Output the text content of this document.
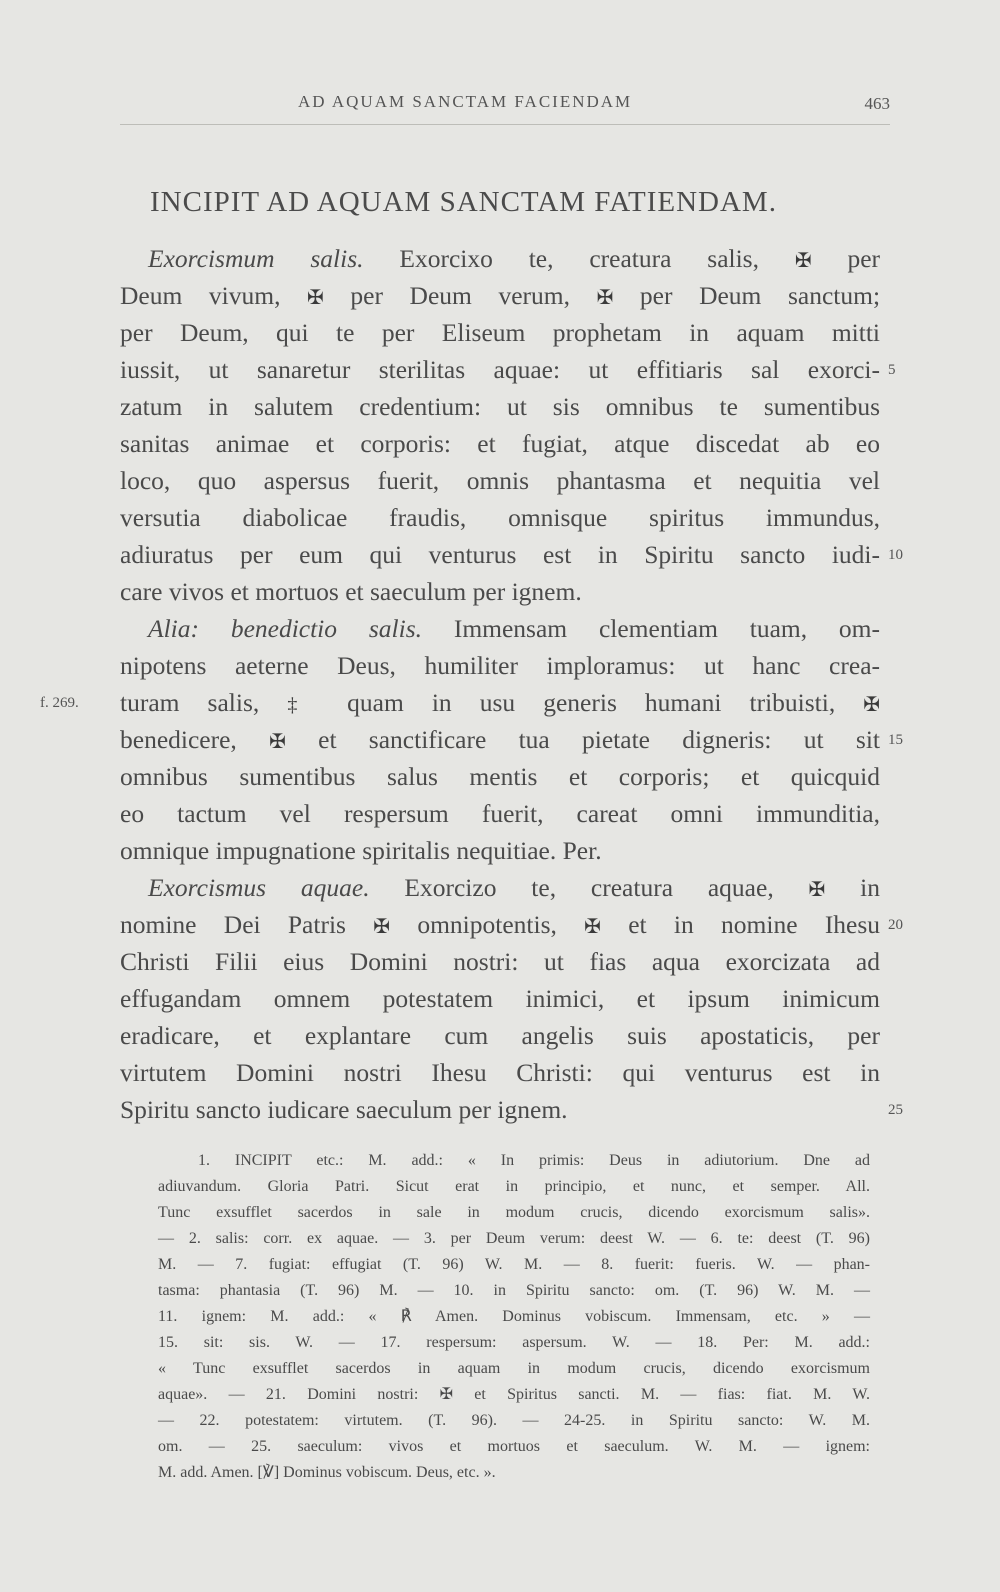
AD AQUAM SANCTAM FACIENDAM	463
INCIPIT AD AQUAM SANCTAM FATIENDAM.
Exorcismum salis. Exorcixo te, creatura salis, ✠ per
Deum vivum, ✠ per Deum verum, ✠ per Deum sanctum;
per Deum, qui te per Eliseum prophetam in aquam mitti
iussit, ut sanaretur sterilitas aquae: ut effitiaris sal exorci-
zatum in salutem credentium: ut sis omnibus te sumentibus
sanitas animae et corporis: et fugiat, atque discedat ab eo
loco, quo aspersus fuerit, omnis phantasma et nequitia vel
versutia diabolicae fraudis, omnisque spiritus immundus,
adiuratus per eum qui venturus est in Spiritu sancto iudi-
care vivos et mortuos et saeculum per ignem.
Alia: benedictio salis. Immensam clementiam tuam, om-
nipotens aeterne Deus, humiliter imploramus: ut hanc crea-
turam salis, ‡ quam in usu generis humani tribuisti, ✠
benedicere, ✠ et sanctificare tua pietate digneris: ut sit
omnibus sumentibus salus mentis et corporis; et quicquid
eo tactum vel respersum fuerit, careat omni immunditia,
omnique impugnatione spiritalis nequitiae. Per.
Exorcismus aquae. Exorcizo te, creatura aquae, ✠ in
nomine Dei Patris ✠ omnipotentis, ✠ et in nomine Ihesu
Christi Filii eius Domini nostri: ut fias aqua exorcizata ad
effugandam omnem potestatem inimici, et ipsum inimicum
eradicare, et explantare cum angelis suis apostaticis, per
virtutem Domini nostri Ihesu Christi: qui venturus est in
Spiritu sancto iudicare saeculum per ignem.
f. 269.
5
10
15
20
25
1. INCIPIT etc.: M. add.: « In primis: Deus in adiutorium. Dne ad
adiuvandum. Gloria Patri. Sicut erat in principio, et nunc, et semper. All.
Tunc exsufflet sacerdos in sale in modum crucis, dicendo exorcismum salis».
— 2. salis: corr. ex aquae. — 3. per Deum verum: deest W. — 6. te: deest (T. 96)
M. — 7. fugiat: effugiat (T. 96) W. M. — 8. fuerit: fueris. W. — phan-
tasma: phantasia (T. 96) M. — 10. in Spiritu sancto: om. (T. 96) W. M. —
11. ignem: M. add.: « ℟ Amen. Dominus vobiscum. Immensam, etc. » —
15. sit: sis. W. — 17. respersum: aspersum. W. — 18. Per: M. add.:
« Tunc exsufflet sacerdos in aquam in modum crucis, dicendo exorcismum
aquae». — 21. Domini nostri: ✠ et Spiritus sancti. M. — fias: fiat. M. W.
— 22. potestatem: virtutem. (T. 96). — 24-25. in Spiritu sancto: W. M.
om. — 25. saeculum: vivos et mortuos et saeculum. W. M. — ignem:
M. add. Amen. [℣] Dominus vobiscum. Deus, etc. ».
